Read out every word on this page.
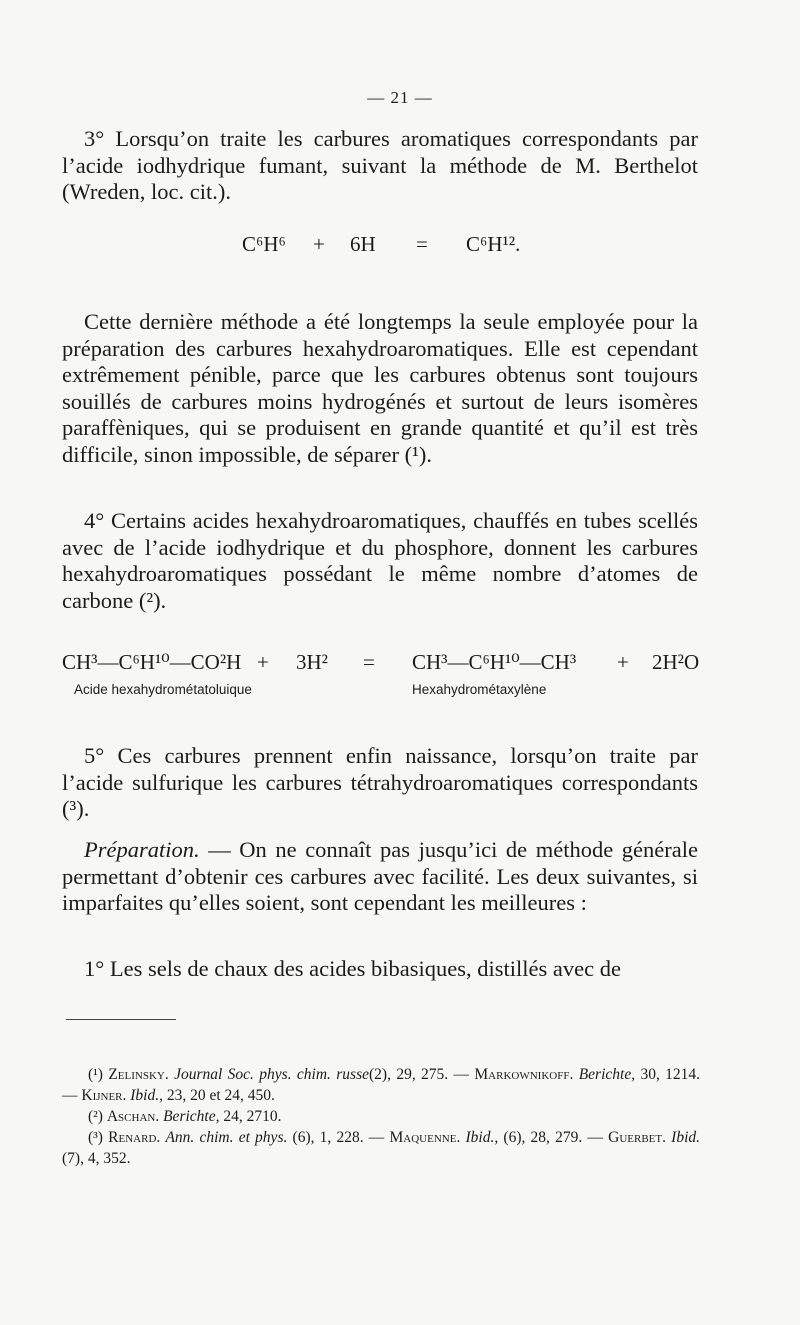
— 21 —

3° Lorsqu’on traite les carbures aromatiques correspondants par l’acide iodhydrique fumant, suivant la méthode de M. Berthelot (Wreden, loc. cit.).

C⁶H⁶ + 6H = C⁶H¹².

Cette dernière méthode a été longtemps la seule employée pour la préparation des carbures hexahydroaromatiques. Elle est cependant extrêmement pénible, parce que les carbures obtenus sont toujours souillés de carbures moins hydrogénés et surtout de leurs isomères paraffèniques, qui se produisent en grande quantité et qu’il est très difficile, sinon impossible, de séparer (¹).

4° Certains acides hexahydroaromatiques, chauffés en tubes scellés avec de l’acide iodhydrique et du phosphore, donnent les carbures hexahydroaromatiques possédant le même nombre d’atomes de carbone (²).

CH³—C⁶H¹⁰—CO²H + 3H² = CH³—C⁶H¹⁰—CH³ + 2H²O
Acide hexahydrométatoluique	Hexahydrométaxylène

5° Ces carbures prennent enfin naissance, lorsqu’on traite par l’acide sulfurique les carbures tétrahydroaromatiques correspondants (³).

Préparation. — On ne connaît pas jusqu’ici de méthode générale permettant d’obtenir ces carbures avec facilité. Les deux suivantes, si imparfaites qu’elles soient, sont cependant les meilleures :

1° Les sels de chaux des acides bibasiques, distillés avec de

(¹) Zelinsky. Journal Soc. phys. chim. russe(2), 29, 275. — Markownikoff. Berichte, 30, 1214. — Kijner. Ibid., 23, 20 et 24, 450.

(²) Aschan. Berichte, 24, 2710.

(³) Renard. Ann. chim. et phys. (6), 1, 228. — Maquenne. Ibid., (6), 28, 279. — Guerbet. Ibid. (7), 4, 352.
